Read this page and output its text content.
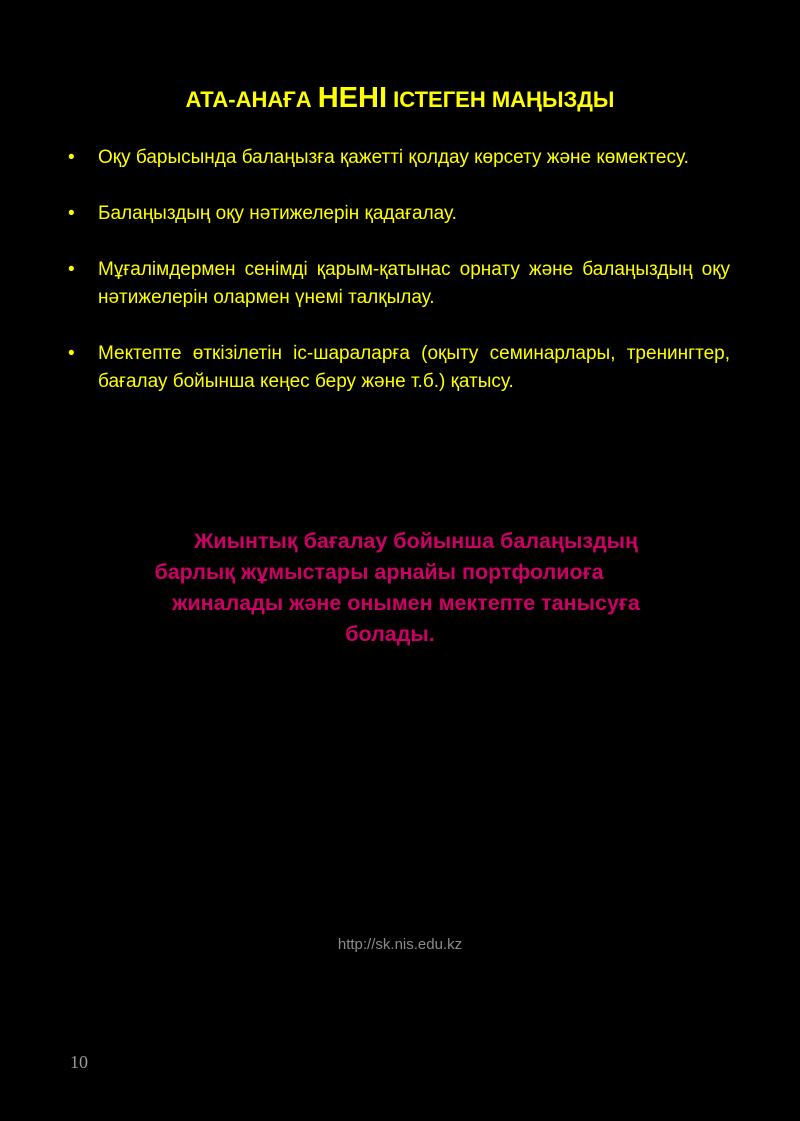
АТА-АНАҒА НЕНІ ІСТЕГЕН МАҢЫЗДЫ
• Оқу барысында балаңызға қажетті қолдау көрсету және көмектесу.
• Балаңыздың оқу нәтижелерін қадағалау.
• Мұғалімдермен сенімді қарым-қатынас орнату және балаңыздың оқу нәтижелерін олармен үнемі талқылау.
• Мектепте өткізілетін іс-шараларға (оқыту семинарлары, тренингтер, бағалау бойынша кеңес беру және т.б.) қатысу.
Жиынтық бағалау бойынша балаңыздың
барлық жұмыстары арнайы портфолиоға
жиналады және онымен мектепте танысуға
болады.
http://sk.nis.edu.kz
10
